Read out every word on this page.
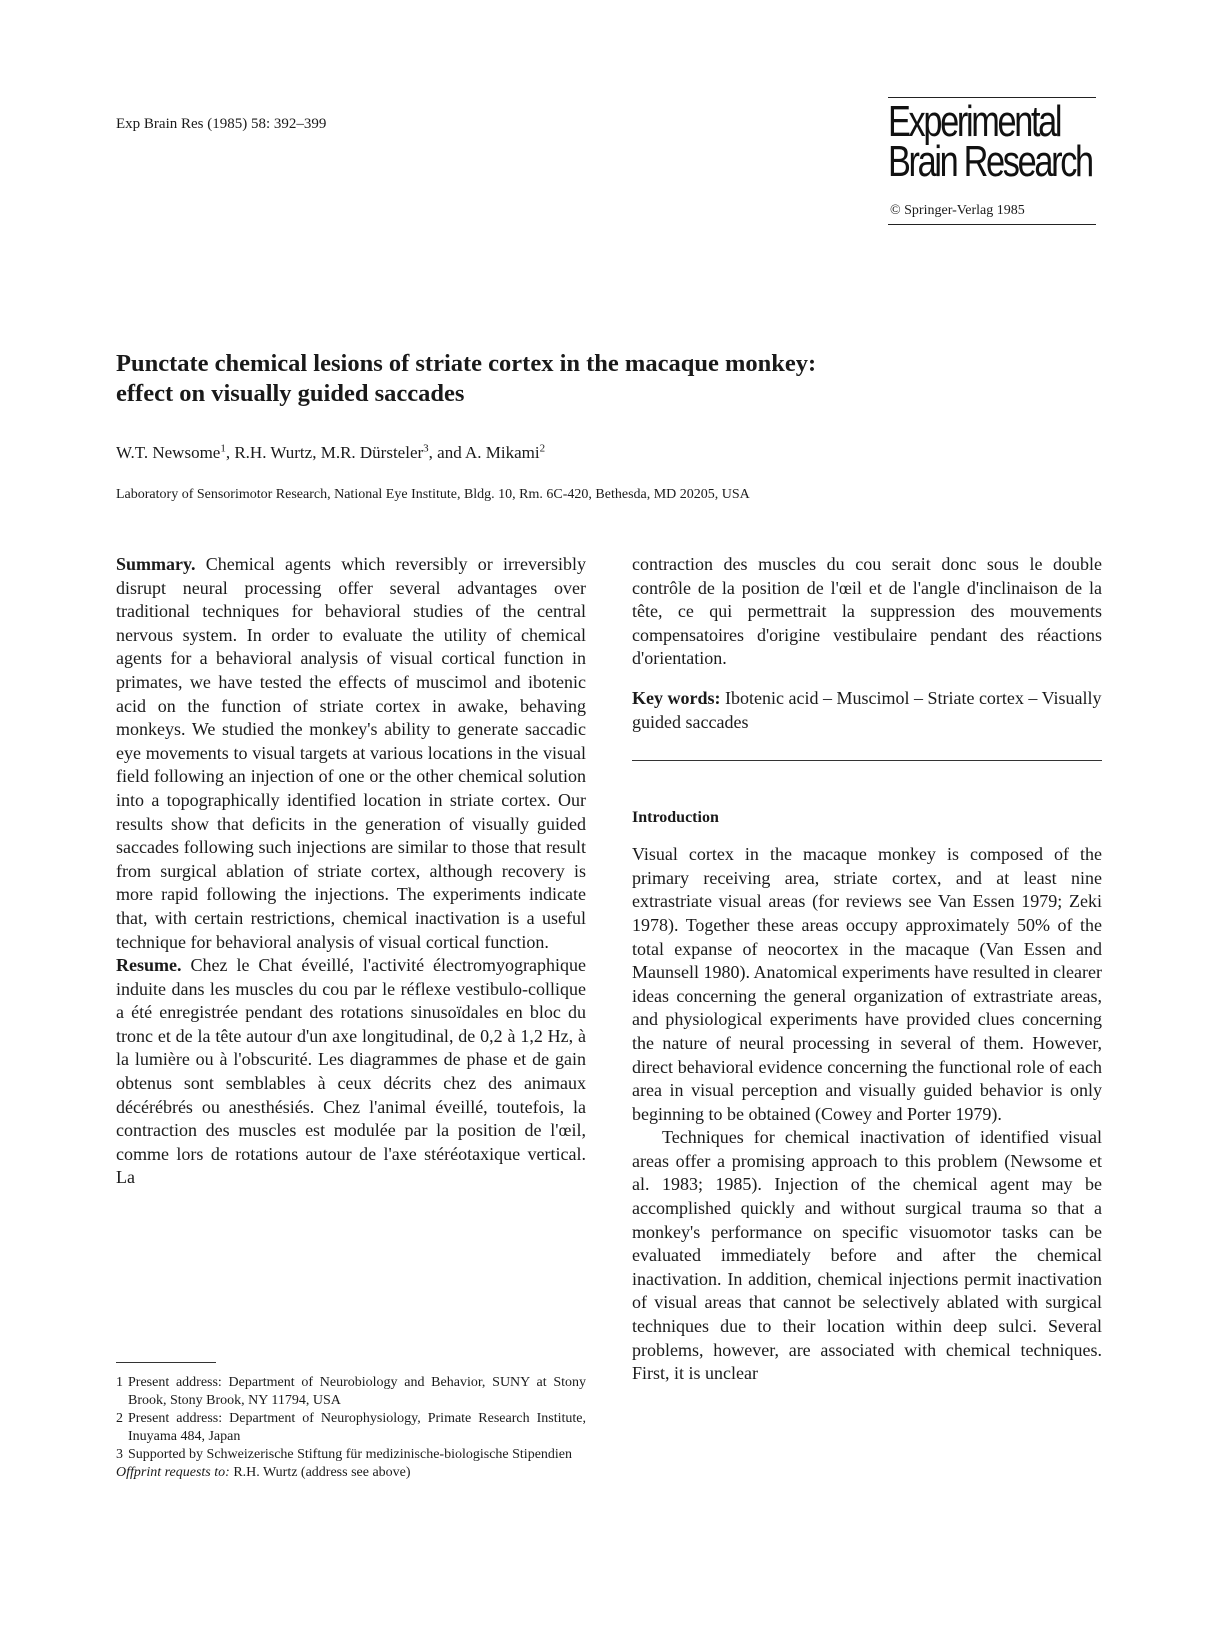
Exp Brain Res (1985) 58: 392–399	Experimental
Brain Research
© Springer-Verlag 1985
Punctate chemical lesions of striate cortex in the macaque monkey:
effect on visually guided saccades
W.T. Newsome$^1$, R.H. Wurtz, M.R. Dürsteler$^3$, and A. Mikami$^2$
Laboratory of Sensorimotor Research, National Eye Institute, Bldg. 10, Rm. 6C-420, Bethesda, MD 20205, USA

Summary. Chemical agents which reversibly or irreversibly disrupt neural processing offer several advantages over traditional techniques for behavioral studies of the central nervous system. In order to evaluate the utility of chemical agents for a behavioral analysis of visual cortical function in primates, we have tested the effects of muscimol and ibotenic acid on the function of striate cortex in awake, behaving monkeys. We studied the monkey's ability to generate saccadic eye movements to visual targets at various locations in the visual field following an injection of one or the other chemical solution into a topographically identified location in striate cortex. Our results show that deficits in the generation of visually guided saccades following such injections are similar to those that result from surgical ablation of striate cortex, although recovery is more rapid following the injections. The experiments indicate that, with certain restrictions, chemical inactivation is a useful technique for behavioral analysis of visual cortical function.

Resume. Chez le Chat éveillé, l'activité électromyographique induite dans les muscles du cou par le réflexe vestibulo-collique a été enregistrée pendant des rotations sinusoïdales en bloc du tronc et de la tête autour d'un axe longitudinal, de 0,2 à 1,2 Hz, à la lumière ou à l'obscurité. Les diagrammes de phase et de gain obtenus sont semblables à ceux décrits chez des animaux décérébrés ou anesthésiés. Chez l'animal éveillé, toutefois, la contraction des muscles est modulée par la position de l'œil, comme lors de rotations autour de l'axe stéréotaxique vertical. La

contraction des muscles du cou serait donc sous le double contrôle de la position de l'œil et de l'angle d'inclinaison de la tête, ce qui permettrait la suppression des mouvements compensatoires d'origine vestibulaire pendant des réactions d'orientation.

Key words: Ibotenic acid – Muscimol – Striate cortex – Visually guided saccades

Introduction

Visual cortex in the macaque monkey is composed of the primary receiving area, striate cortex, and at least nine extrastriate visual areas (for reviews see Van Essen 1979; Zeki 1978). Together these areas occupy approximately 50% of the total expanse of neocortex in the macaque (Van Essen and Maunsell 1980). Anatomical experiments have resulted in clearer ideas concerning the general organization of extrastriate areas, and physiological experiments have provided clues concerning the nature of neural processing in several of them. However, direct behavioral evidence concerning the functional role of each area in visual perception and visually guided behavior is only beginning to be obtained (Cowey and Porter 1979).

Techniques for chemical inactivation of identified visual areas offer a promising approach to this problem (Newsome et al. 1983; 1985). Injection of the chemical agent may be accomplished quickly and without surgical trauma so that a monkey's performance on specific visuomotor tasks can be evaluated immediately before and after the chemical inactivation. In addition, chemical injections permit inactivation of visual areas that cannot be selectively ablated with surgical techniques due to their location within deep sulci. Several problems, however, are associated with chemical techniques. First, it is unclear

1 Present address: Department of Neurobiology and Behavior, SUNY at Stony Brook, Stony Brook, NY 11794, USA
2 Present address: Department of Neurophysiology, Primate Research Institute, Inuyama 484, Japan
3 Supported by Schweizerische Stiftung für medizinische-biologische Stipendien
Offprint requests to: R.H. Wurtz (address see above)
